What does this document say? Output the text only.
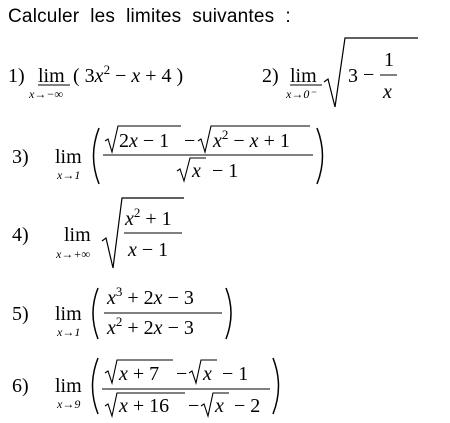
Calculer  les  limites  suivantes  :
1) lim
x→−∞
( $3x^2 - x + 4$ )	2) lim
x→0⁻
3 −
1
x
3) lim
x→1
$2x - 1 - x^2 - x + 1$
x − 1
4) lim
x→+∞
$x^2 + 1$
x − 1
5) lim
x→1
$x^3 + 2x - 3$
$x^2 + 2x - 3$
6) lim
x→9
x + 7 − x − 1
x + 16 − x − 2
